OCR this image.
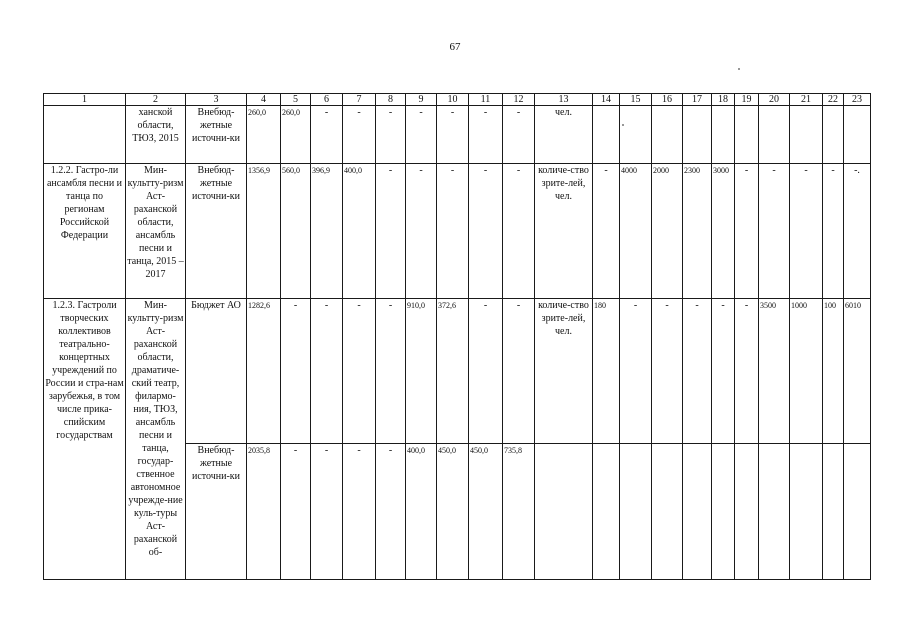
67
1	2	3	4	5	6	7	8	9	10	11	12	13	14	15	16	17	18	19	20	21	22	23
	ханской области, ТЮЗ, 2015	Внебюд-жетные источни-ки	260,0	260,0	-	-	-	-	-	-	-	чел.										
1.2.2. Гастро-ли ансамбля песни и танца по регионам Российской Федерации	Мин-культту-ризм Аст-раханской области, ансамбль песни и танца, 2015 – 2017	Внебюд-жетные источни-ки	1356,9	560,0	396,9	400,0	-	-	-	-	-	количе-ство зрите-лей, чел.	-	4000	2000	2300	3000	-	-	-	-	-.
1.2.3. Гастроли творческих коллективов театрально-концертных учреждений по России и стра-нам зарубежья, в том числе прика-спийским государствам	Мин-культту-ризм Аст-раханской области, драматиче-ский театр, филармо-ния, ТЮЗ, ансамбль песни и танца, государ-ственное автономное учрежде-ние куль-туры Аст-раханской об-	Бюджет АО	1282,6	-	-	-	-	910,0	372,6	-	-	количе-ство зрите-лей, чел.	180	-	-	-	-	-	3500	1000	100	6010
		Внебюд-жетные источни-ки	2035,8	-	-	-	-	400,0	450,0	450,0	735,8											
